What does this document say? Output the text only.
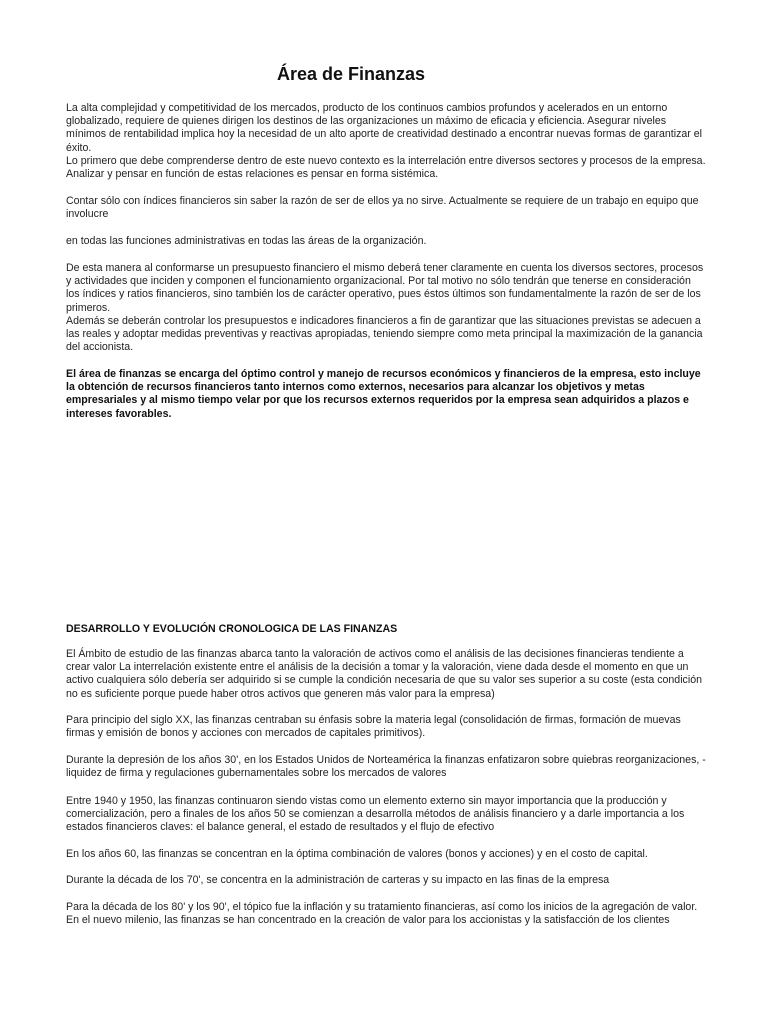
Área de Finanzas

La alta complejidad y competitividad de los mercados, producto de los continuos cambios profundos y acelerados en un entorno globalizado, requiere de quienes dirigen los destinos de las organizaciones un máximo de eficacia y eficiencia. Asegurar niveles mínimos de rentabilidad implica hoy la necesidad de un alto aporte de creatividad destinado a encontrar nuevas formas de garantizar el éxito.

Lo primero que debe comprenderse dentro de este nuevo contexto es la interrelación entre diversos sectores y procesos de la empresa. Analizar y pensar en función de estas relaciones es pensar en forma sistémica.

Contar sólo con índices financieros sin saber la razón de ser de ellos ya no sirve. Actualmente se requiere de un trabajo en equipo que involucre

en todas las funciones administrativas en todas las áreas de la organización.

De esta manera al conformarse un presupuesto financiero el mismo deberá tener claramente en cuenta los diversos sectores, procesos y actividades que inciden y componen el funcionamiento organizacional. Por tal motivo no sólo tendrán que tenerse en consideración los índices y ratios financieros, sino también los de carácter operativo, pues éstos últimos son fundamentalmente la razón de ser de los primeros.

Además se deberán controlar los presupuestos e indicadores financieros a fin de garantizar que las situaciones previstas se adecuen a las reales y adoptar medidas preventivas y reactivas apropiadas, teniendo siempre como meta principal la maximización de la ganancia del accionista.

El área de finanzas se encarga del óptimo control y manejo de recursos económicos y financieros de la empresa, esto incluye la obtención de recursos financieros tanto internos como externos, necesarios para alcanzar los objetivos y metas empresariales y al mismo tiempo velar por que los recursos externos requeridos por la empresa sean adquiridos a plazos e intereses favorables.

DESARROLLO Y EVOLUCIÓN CRONOLOGICA DE LAS FINANZAS

El Ámbito de estudio de las finanzas abarca tanto la valoración de activos como el análisis de las decisiones financieras tendiente a crear valor La interrelación existente entre el análisis de la decisión a tomar y la valoración, viene dada desde el momento en que un activo cualquiera sólo debería ser adquirido si se cumple la condición necesaria de que su valor ses superior a su coste (esta condición no es suficiente porque puede haber otros activos que generen más valor para la empresa)

Para principio del siglo XX, las finanzas centraban su énfasis sobre la materia legal (consolidación de firmas, formación de muevas firmas y emisión de bonos y acciones con mercados de capitales primitivos).

Durante la depresión de los años 30', en los Estados Unidos de Norteamérica la finanzas enfatizaron sobre quiebras reorganizaciones, -liquidez de firma y regulaciones gubernamentales sobre los mercados de valores

Entre 1940 y 1950, las finanzas continuaron siendo vistas como un elemento externo sin mayor importancia que la producción y comercialización, pero a finales de los años 50 se comienzan a desarrolla métodos de análisis financiero y a darle importancia a los estados financieros claves: el balance general, el estado de resultados y el flujo de efectivo

En los años 60, las finanzas se concentran en la óptima combinación de valores (bonos y acciones) y en el costo de capital.

Durante la década de los 70', se concentra en la administración de carteras y su impacto en las finas de la empresa

Para la década de los 80' y los 90', el tópico fue la inflación y su tratamiento financieras, así como los inicios de la agregación de valor. En el nuevo milenio, las finanzas se han concentrado en la creación de valor para los accionistas y la satisfacción de los clientes
